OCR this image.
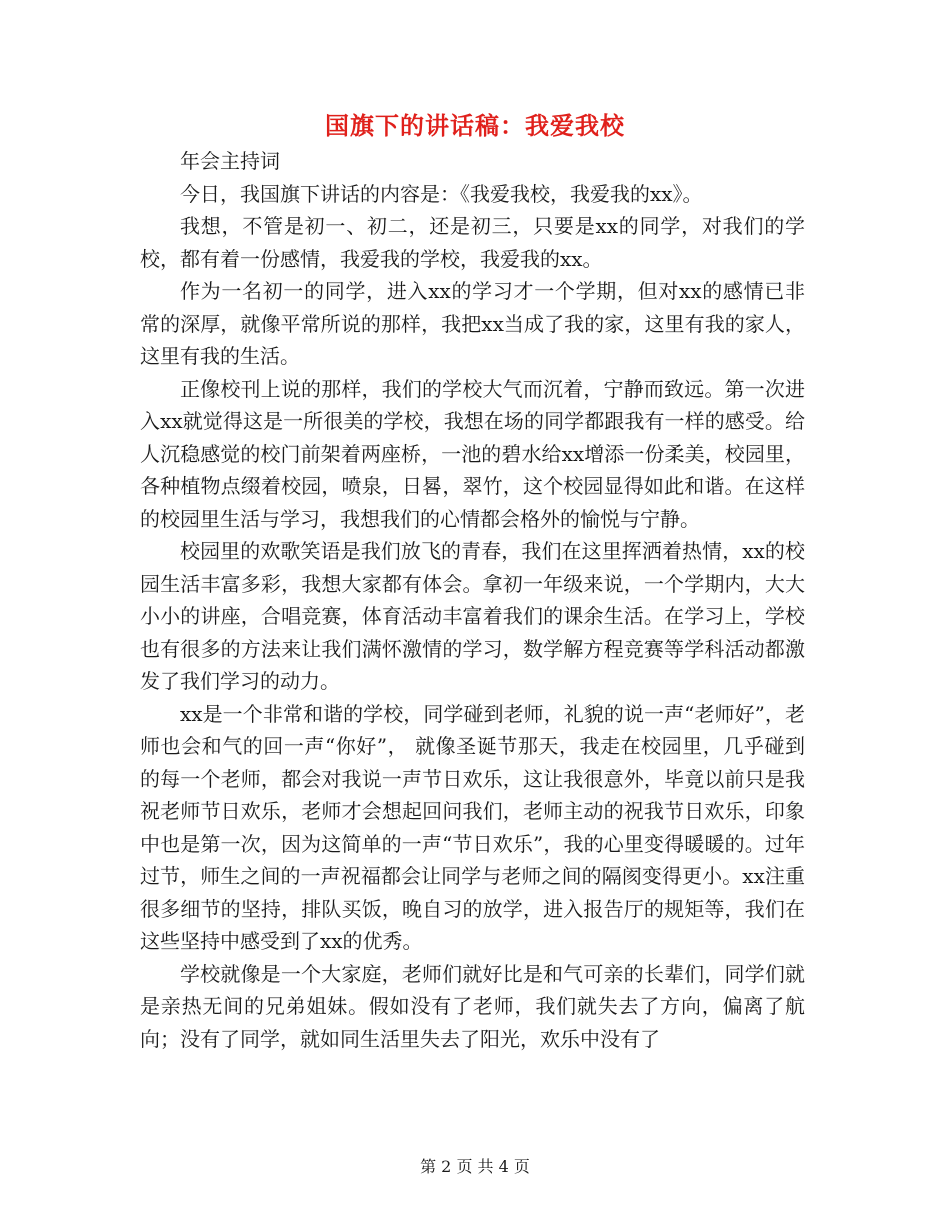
国旗下的讲话稿：我爱我校

年会主持词

今日，我国旗下讲话的内容是：《我爱我校，我爱我的xx》。

我想，不管是初一、初二，还是初三，只要是xx的同学，对我们的学校，都有着一份感情，我爱我的学校，我爱我的xx。

作为一名初一的同学，进入xx的学习才一个学期，但对xx的感情已非常的深厚，就像平常所说的那样，我把xx当成了我的家，这里有我的家人，这里有我的生活。

正像校刊上说的那样，我们的学校大气而沉着，宁静而致远。第一次进入xx就觉得这是一所很美的学校，我想在场的同学都跟我有一样的感受。给人沉稳感觉的校门前架着两座桥，一池的碧水给xx增添一份柔美，校园里，各种植物点缀着校园，喷泉，日晷，翠竹，这个校园显得如此和谐。在这样的校园里生活与学习，我想我们的心情都会格外的愉悦与宁静。

校园里的欢歌笑语是我们放飞的青春，我们在这里挥洒着热情，xx的校园生活丰富多彩，我想大家都有体会。拿初一年级来说，一个学期内，大大小小的讲座，合唱竞赛，体育活动丰富着我们的课余生活。在学习上，学校也有很多的方法来让我们满怀激情的学习，数学解方程竞赛等学科活动都激发了我们学习的动力。

xx是一个非常和谐的学校，同学碰到老师，礼貌的说一声“老师好”，老师也会和气的回一声“你好”， 就像圣诞节那天，我走在校园里，几乎碰到的每一个老师，都会对我说一声节日欢乐，这让我很意外，毕竟以前只是我祝老师节日欢乐，老师才会想起回问我们，老师主动的祝我节日欢乐，印象中也是第一次，因为这简单的一声“节日欢乐”，我的心里变得暖暖的。过年过节，师生之间的一声祝福都会让同学与老师之间的隔阂变得更小。xx注重很多细节的坚持，排队买饭，晚自习的放学，进入报告厅的规矩等，我们在这些坚持中感受到了xx的优秀。

学校就像是一个大家庭，老师们就好比是和气可亲的长辈们，同学们就是亲热无间的兄弟姐妹。假如没有了老师，我们就失去了方向，偏离了航向；没有了同学，就如同生活里失去了阳光，欢乐中没有了

第 2 页 共 4 页
